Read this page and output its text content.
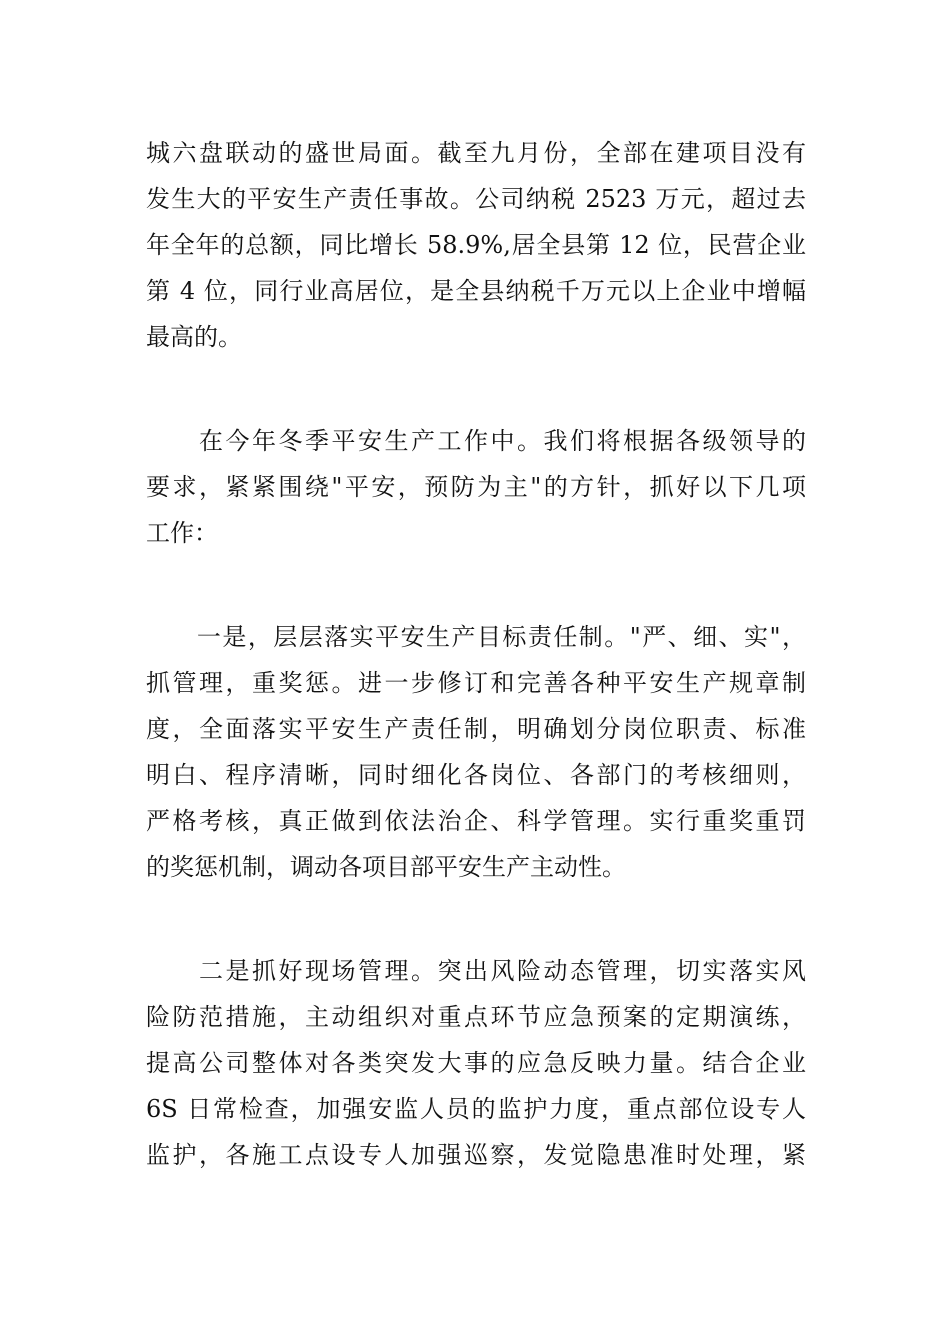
城六盘联动的盛世局面。截至九月份，全部在建项目没有
发生大的平安生产责任事故。公司纳税 2523 万元，超过去
年全年的总额，同比增长 58.9%,居全县第 12 位，民营企业
第 4 位，同行业高居位，是全县纳税千万元以上企业中增幅
最高的。
　　在今年冬季平安生产工作中。我们将根据各级领导的
要求，紧紧围绕"平安，预防为主"的方针，抓好以下几项
工作：
　　一是，层层落实平安生产目标责任制。"严、细、实"，
抓管理，重奖惩。进一步修订和完善各种平安生产规章制
度，全面落实平安生产责任制，明确划分岗位职责、标准
明白、程序清晰，同时细化各岗位、各部门的考核细则，
严格考核，真正做到依法治企、科学管理。实行重奖重罚
的奖惩机制，调动各项目部平安生产主动性。
　　二是抓好现场管理。突出风险动态管理，切实落实风
险防范措施，主动组织对重点环节应急预案的定期演练，
提高公司整体对各类突发大事的应急反映力量。结合企业
6S 日常检查，加强安监人员的监护力度，重点部位设专人
监护，各施工点设专人加强巡察，发觉隐患准时处理，紧
